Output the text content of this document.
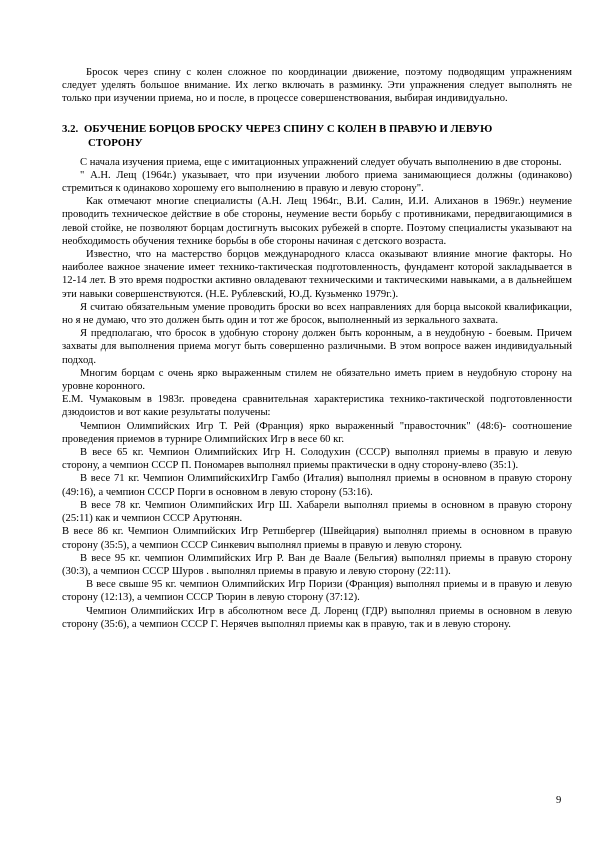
Бросок через спину с колен сложное по координации движение, поэтому подводящим упражнениям следует уделять большое внимание. Их легко включать в разминку. Эти упражнения следует выполнять не только при изучении приема, но и после, в процессе совершенствования, выбирая индивидуально.

3.2. ОБУЧЕНИЕ БОРЦОВ БРОСКУ ЧЕРЕЗ СПИНУ С КОЛЕН В ПРАВУЮ И ЛЕВУЮ
СТОРОНУ

С начала изучения приема, еще с имитационных упражнений следует обучать выполнению в две стороны.

" А.Н. Лещ (1964г.) указывает, что при изучении любого приема занимающиеся должны (одинаково) стремиться к одинаково хорошему его выполнению в правую и левую сторону".

Как отмечают многие специалисты (А.Н. Лещ 1964г., В.И. Салин, И.И. Алиханов в 1969г.) неумение проводить техническое действие в обе стороны, неумение вести борьбу с противниками, передвигающимися в левой стойке, не позволяют борцам достигнуть высоких рубежей в спорте. Поэтому специалисты указывают на необходимость обучения технике борьбы в обе стороны начиная с детского возраста.

Известно, что на мастерство борцов международного класса оказывают влияние многие факторы. Но наиболее важное значение имеет технико-тактическая подготовленность, фундамент которой закладывается в 12-14 лет. В это время подростки активно овладевают техническими и тактическими навыками, а в дальнейшем эти навыки совершенствуются. (Н.Е. Рублевский, Ю.Д. Кузьменко 1979г.).

Я считаю обязательным умение проводить броски во всех направлениях для борца высокой квалификации, но я не думаю, что это должен быть один и тот же бросок, выполненный из зеркального захвата.

Я предполагаю, что бросок в удобную сторону должен быть коронным, а в неудобную - боевым. Причем захваты для выполнения приема могут быть совершенно различными. В этом вопросе важен индивидуальный подход.

Многим борцам с очень ярко выраженным стилем не обязательно иметь прием в неудобную сторону на уровне коронного.

Е.М. Чумаковым в 1983г. проведена сравнительная характеристика технико-тактической подготовленности дзюдоистов и вот какие результаты получены:

Чемпион Олимпийских Игр Т. Рей (Франция) ярко выраженный "правосточник" (48:6)- соотношение проведения приемов в турнире Олимпийских Игр в весе 60 кг.

В весе 65 кг. Чемпион Олимпийских Игр Н. Солодухин (СССР) выполнял приемы в правую и левую сторону, а чемпион СССР П. Пономарев выполнял приемы практически в одну сторону-влево (35:1).

В весе 71 кг. Чемпион ОлимпийскихИгр Гамбо (Италия) выполнял приемы в основном в правую сторону (49:16), а чемпион СССР Порги в основном в левую сторону (53:16).

В весе 78 кг. Чемпион Олимпийских Игр Ш. Хабарели выполнял приемы в основном в правую сторону (25:11) как и чемпион СССР Арутюнян.

В весе 86 кг. Чемпион Олимпийских Игр Ретшбергер (Швейцария) выполнял приемы в основном в правую сторону (35:5), а чемпион СССР Синкевич выполнял приемы в правую и левую сторону.

В весе 95 кг. чемпион Олимпийских Игр Р. Ван де Ваале (Бельгия) выполнял приемы в правую сторону (30:3), а чемпион СССР Шуров . выполнял приемы в правую и левую сторону (22:11).

В весе свыше 95 кг. чемпион Олимпийских Игр Поризи (Франция) выполнял приемы и в правую и левую сторону (12:13), а чемпион СССР Тюрин в левую сторону (37:12).

Чемпион Олимпийских Игр в абсолютном весе Д. Лоренц (ГДР) выполнял приемы в основном в левую сторону (35:6), а чемпион СССР Г. Нерячев выполнял приемы как в правую, так и в левую сторону.

9
